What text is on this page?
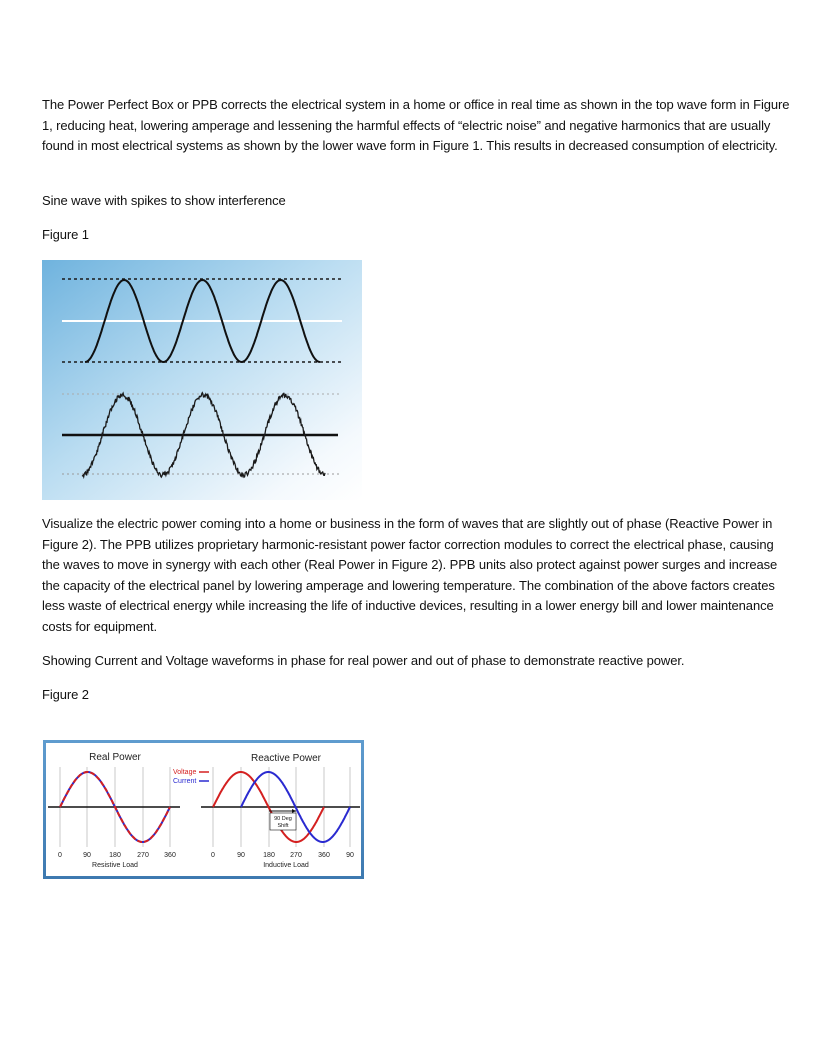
The Power Perfect Box or PPB corrects the electrical system in a home or office in real time as shown in the top wave form in Figure 1, reducing heat, lowering amperage and lessening the harmful effects of “electric noise” and negative harmonics that are usually found in most electrical systems as shown by the lower wave form in Figure 1. This results in decreased consumption of electricity.

Sine wave with spikes to show interference

Figure 1

Visualize the electric power coming into a home or business in the form of waves that are slightly out of phase (Reactive Power in Figure 2). The PPB utilizes proprietary harmonic-resistant power factor correction modules to correct the electrical phase, causing the waves to move in synergy with each other (Real Power in Figure 2). PPB units also protect against power surges and increase the capacity of the electrical panel by lowering amperage and lowering temperature. The combination of the above factors creates less waste of electrical energy while increasing the life of inductive devices, resulting in a lower energy bill and lower maintenance costs for equipment.

Showing Current and Voltage waveforms in phase for real power and out of phase to demonstrate reactive power.

Figure 2

Real Power	Reactive Power
Voltage
Current
90 Deg
Shift
0	90	180 270 360	0	90	180 270 360 90
Resistive Load	Inductive Load
